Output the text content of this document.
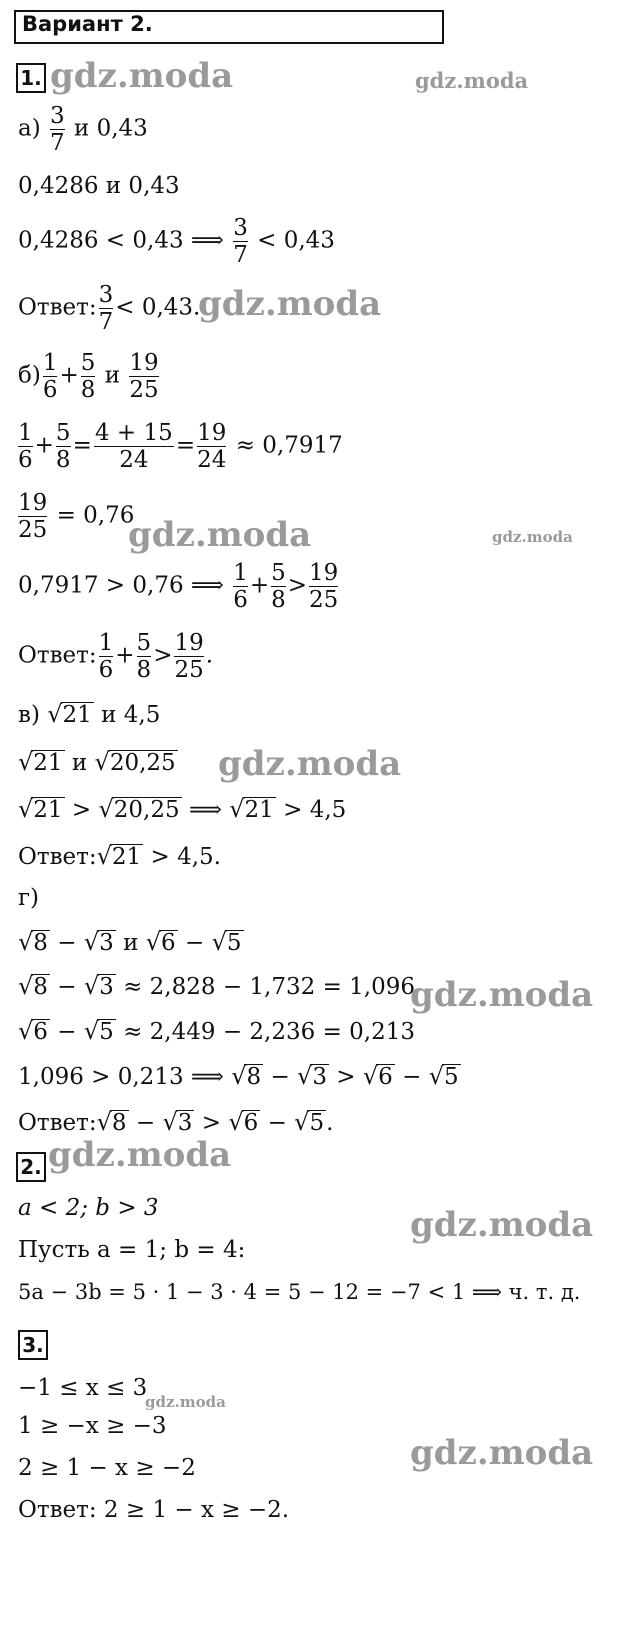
Вариант 2.
1.
$а) \frac{3}{7}$ и 0,43
0,4286 и 0,43
0,4286 < 0,43 ⟹ $\frac{3}{7} < 0,43$
Ответ: $\frac{3}{7} < 0,43$.
$б) \frac{1}{6} + \frac{5}{8}$ и $\frac{19}{25}$
$\frac{1}{6} + \frac{5}{8} = \frac{4 + 15}{24} = \frac{19}{24} \approx 0,7917$
$\frac{19}{25} = 0,76$
0,7917 > 0,76 ⟹ $\frac{1}{6} + \frac{5}{8} > \frac{19}{25}$
Ответ: $\frac{1}{6} + \frac{5}{8} > \frac{19}{25}$ .
в) √21 и 4,5
√21 и √20,25
√21 > √20,25 ⟹ √21 > 4,5
Ответ:√21 > 4,5.
г)
√8 − √3 и √6 − √5
√8 − √3 ≈ 2,828 − 1,732 = 1,096
√6 − √5 ≈ 2,449 − 2,236 = 0,213
1,096 > 0,213 ⟹ √8 − √3 > √6 − √5
Ответ:√8 − √3 > √6 − √5.
2.
a < 2; b > 3
Пусть a = 1; b = 4:
5a − 3b = 5 · 1 − 3 · 4 = 5 − 12 = −7 < 1 ⟹ ч. т. д.
3.
−1 ≤ x ≤ 3
1 ≥ −x ≥ −3
2 ≥ 1 − x ≥ −2
Ответ: 2 ≥ 1 − x ≥ −2.
gdz.moda	gdz.moda
gdz.moda
gdz.moda	gdz.moda
gdz.moda
gdz.moda
gdz.moda
gdz.moda
gdz.moda
gdz.moda
